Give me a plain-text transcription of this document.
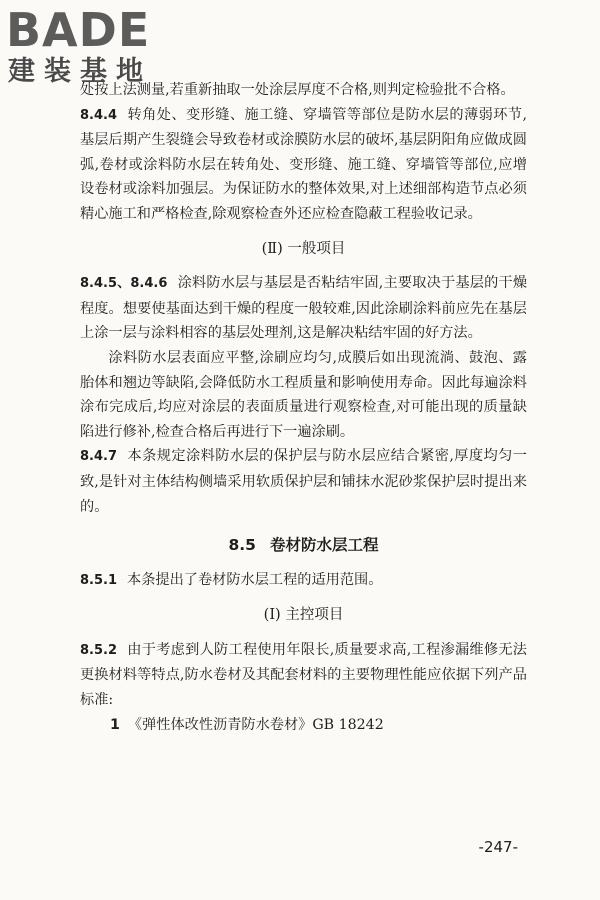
BADE
建装基地

处按上法测量,若重新抽取一处涂层厚度不合格,则判定检验批不合格。

8.4.4 转角处、变形缝、施工缝、穿墙管等部位是防水层的薄弱环节,基层后期产生裂缝会导致卷材或涂膜防水层的破坏,基层阴阳角应做成圆弧,卷材或涂料防水层在转角处、变形缝、施工缝、穿墙管等部位,应增设卷材或涂料加强层。为保证防水的整体效果,对上述细部构造节点必须精心施工和严格检查,除观察检查外还应检查隐蔽工程验收记录。

(Ⅱ) 一般项目

8.4.5、8.4.6 涂料防水层与基层是否粘结牢固,主要取决于基层的干燥程度。想要使基面达到干燥的程度一般较难,因此涂刷涂料前应先在基层上涂一层与涂料相容的基层处理剂,这是解决粘结牢固的好方法。

涂料防水层表面应平整,涂刷应均匀,成膜后如出现流淌、鼓泡、露胎体和翘边等缺陷,会降低防水工程质量和影响使用寿命。因此每遍涂料涂布完成后,均应对涂层的表面质量进行观察检查,对可能出现的质量缺陷进行修补,检查合格后再进行下一遍涂刷。

8.4.7 本条规定涂料防水层的保护层与防水层应结合紧密,厚度均匀一致,是针对主体结构侧墙采用软质保护层和铺抹水泥砂浆保护层时提出来的。

8.5 卷材防水层工程

8.5.1 本条提出了卷材防水层工程的适用范围。

(Ⅰ) 主控项目

8.5.2 由于考虑到人防工程使用年限长,质量要求高,工程渗漏维修无法更换材料等特点,防水卷材及其配套材料的主要物理性能应依据下列产品标准:

1 《弹性体改性沥青防水卷材》GB 18242

-247-
